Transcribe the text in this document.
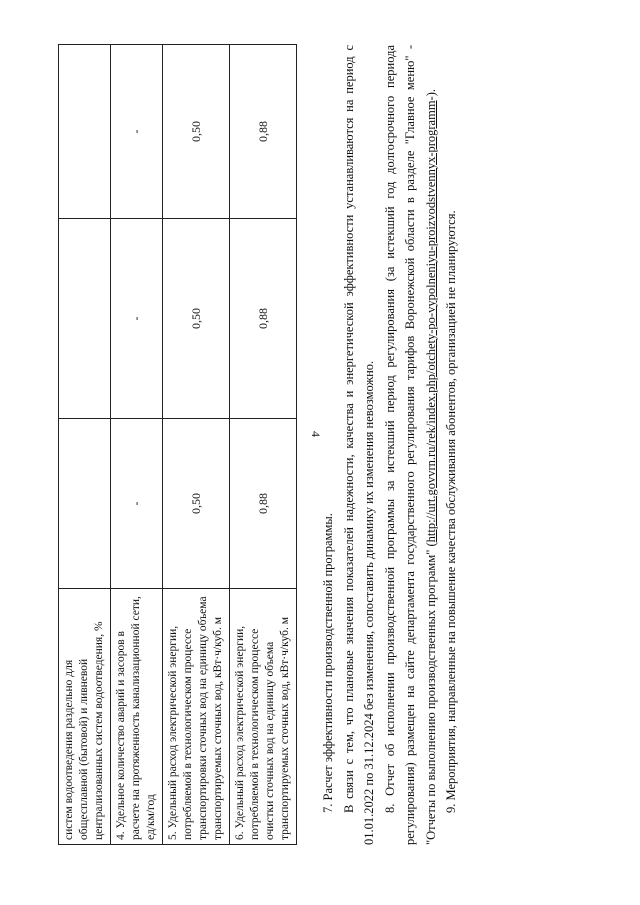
4
систем водоотведения раздельно для общесплавной (бытовой) и ливневой централизованных систем водоотведения, %			
4. Удельное количество аварий и засоров в расчете на протяженность канализационной сети, ед/км/год	-	-	-
5. Удельный расход электрической энергии, потребляемой в технологическом процессе транспортировки сточных вод на единицу объема транспортируемых сточных вод, кВт·ч/куб. м	0,50	0,50	0,50
6. Удельный расход электрической энергии, потребляемой в технологическом процессе очистки сточных вод на единицу объема транспортируемых сточных вод, кВт·ч/куб. м	0,88	0,88	0,88

7. Расчет эффективности производственной программы. В связи с тем, что плановые значения показателей надежности, качества и энергетической эффективности устанавливаются на период с 01.01.2022 по 31.12.2024 без изменения, сопоставить динамику их изменения невозможно. 8. Отчет об исполнении производственной программы за истекший период регулирования (за истекший год долгосрочного периода регулирования) размещен на сайте департамента государственного регулирования тарифов Воронежской области в разделе "Главное меню" - "Отчеты по выполнению производственных программ" (http://urt.govvrn.ru/rek/index.php/otchety-po-vypolneniyu-proizvodstvennyx-programm-).

9. Мероприятия, направленные на повышение качества обслуживания абонентов, организацией не планируются.
